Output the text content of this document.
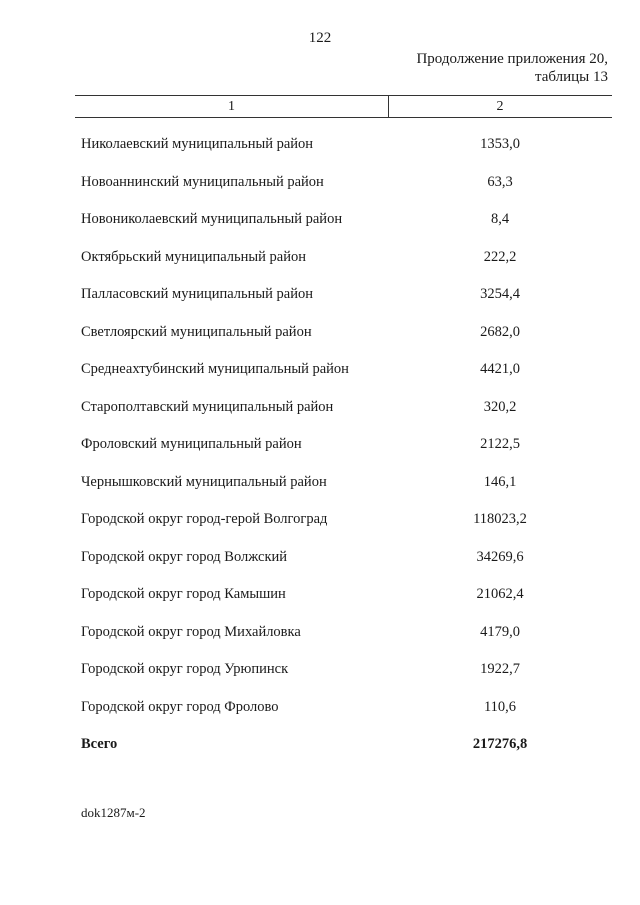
122
Продолжение приложения 20,
таблицы 13
1	2
Николаевский муниципальный район	1353,0
Новоаннинский муниципальный район	63,3
Новониколаевский муниципальный район	8,4
Октябрьский муниципальный район	222,2
Палласовский муниципальный район	3254,4
Светлоярский муниципальный район	2682,0
Среднеахтубинский муниципальный район	4421,0
Старополтавский муниципальный район	320,2
Фроловский муниципальный район	2122,5
Чернышковский муниципальный район	146,1
Городской округ город-герой Волгоград	118023,2
Городской округ город Волжский	34269,6
Городской округ город Камышин	21062,4
Городской округ город Михайловка	4179,0
Городской округ город Урюпинск	1922,7
Городской округ город Фролово	110,6
Всего	217276,8
dok1287м-2
